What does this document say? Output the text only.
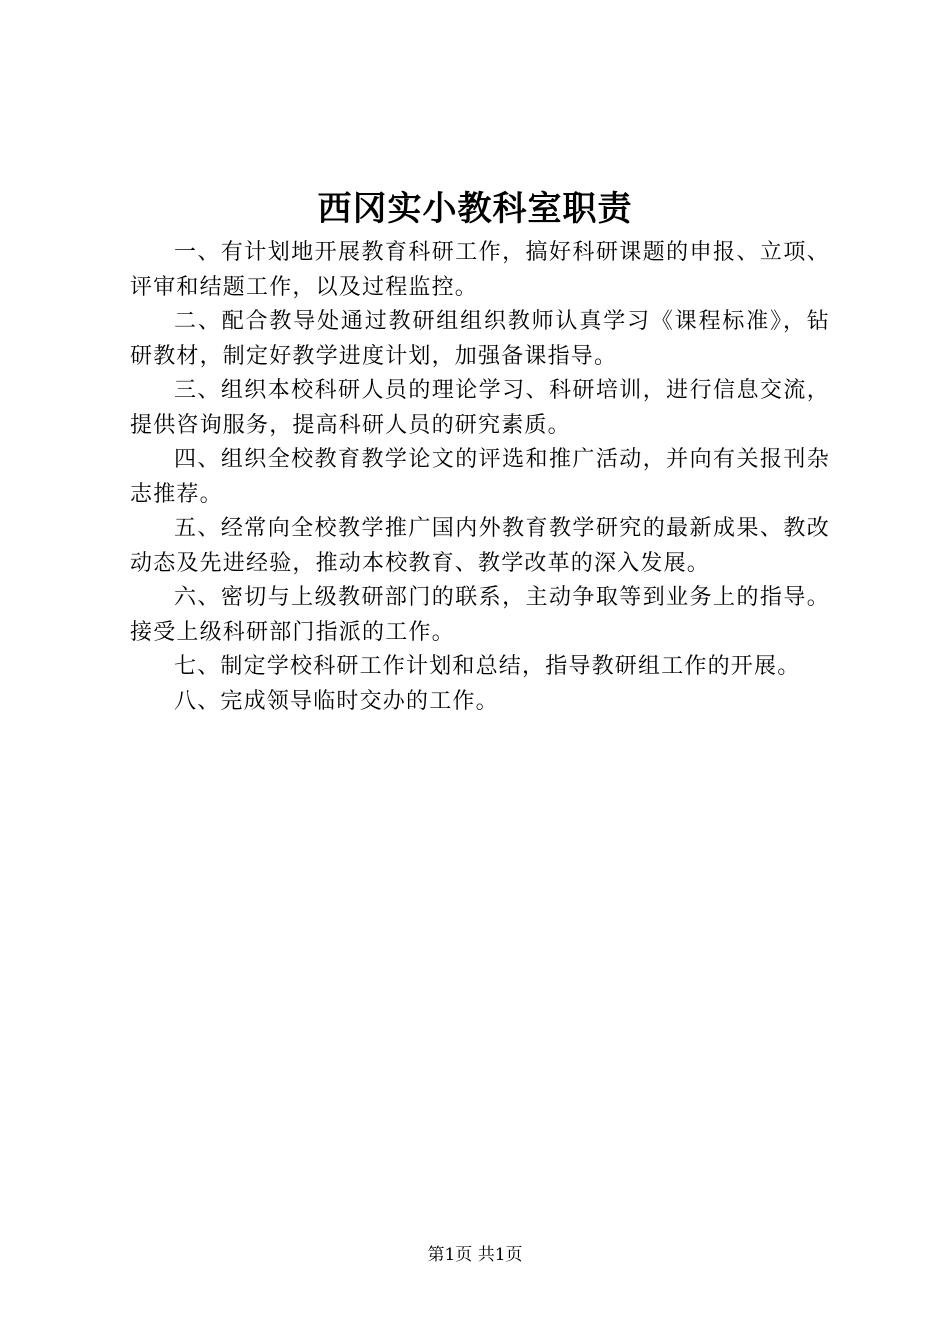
西冈实小教科室职责

一、有计划地开展教育科研工作，搞好科研课题的申报、立项、评审和结题工作，以及过程监控。

二、配合教导处通过教研组组织教师认真学习《课程标准》，钻研教材，制定好教学进度计划，加强备课指导。

三、组织本校科研人员的理论学习、科研培训，进行信息交流，提供咨询服务，提高科研人员的研究素质。

四、组织全校教育教学论文的评选和推广活动，并向有关报刊杂志推荐。

五、经常向全校教学推广国内外教育教学研究的最新成果、教改动态及先进经验，推动本校教育、教学改革的深入发展。

六、密切与上级教研部门的联系，主动争取等到业务上的指导。接受上级科研部门指派的工作。

七、制定学校科研工作计划和总结，指导教研组工作的开展。

八、完成领导临时交办的工作。

第1页 共1页
